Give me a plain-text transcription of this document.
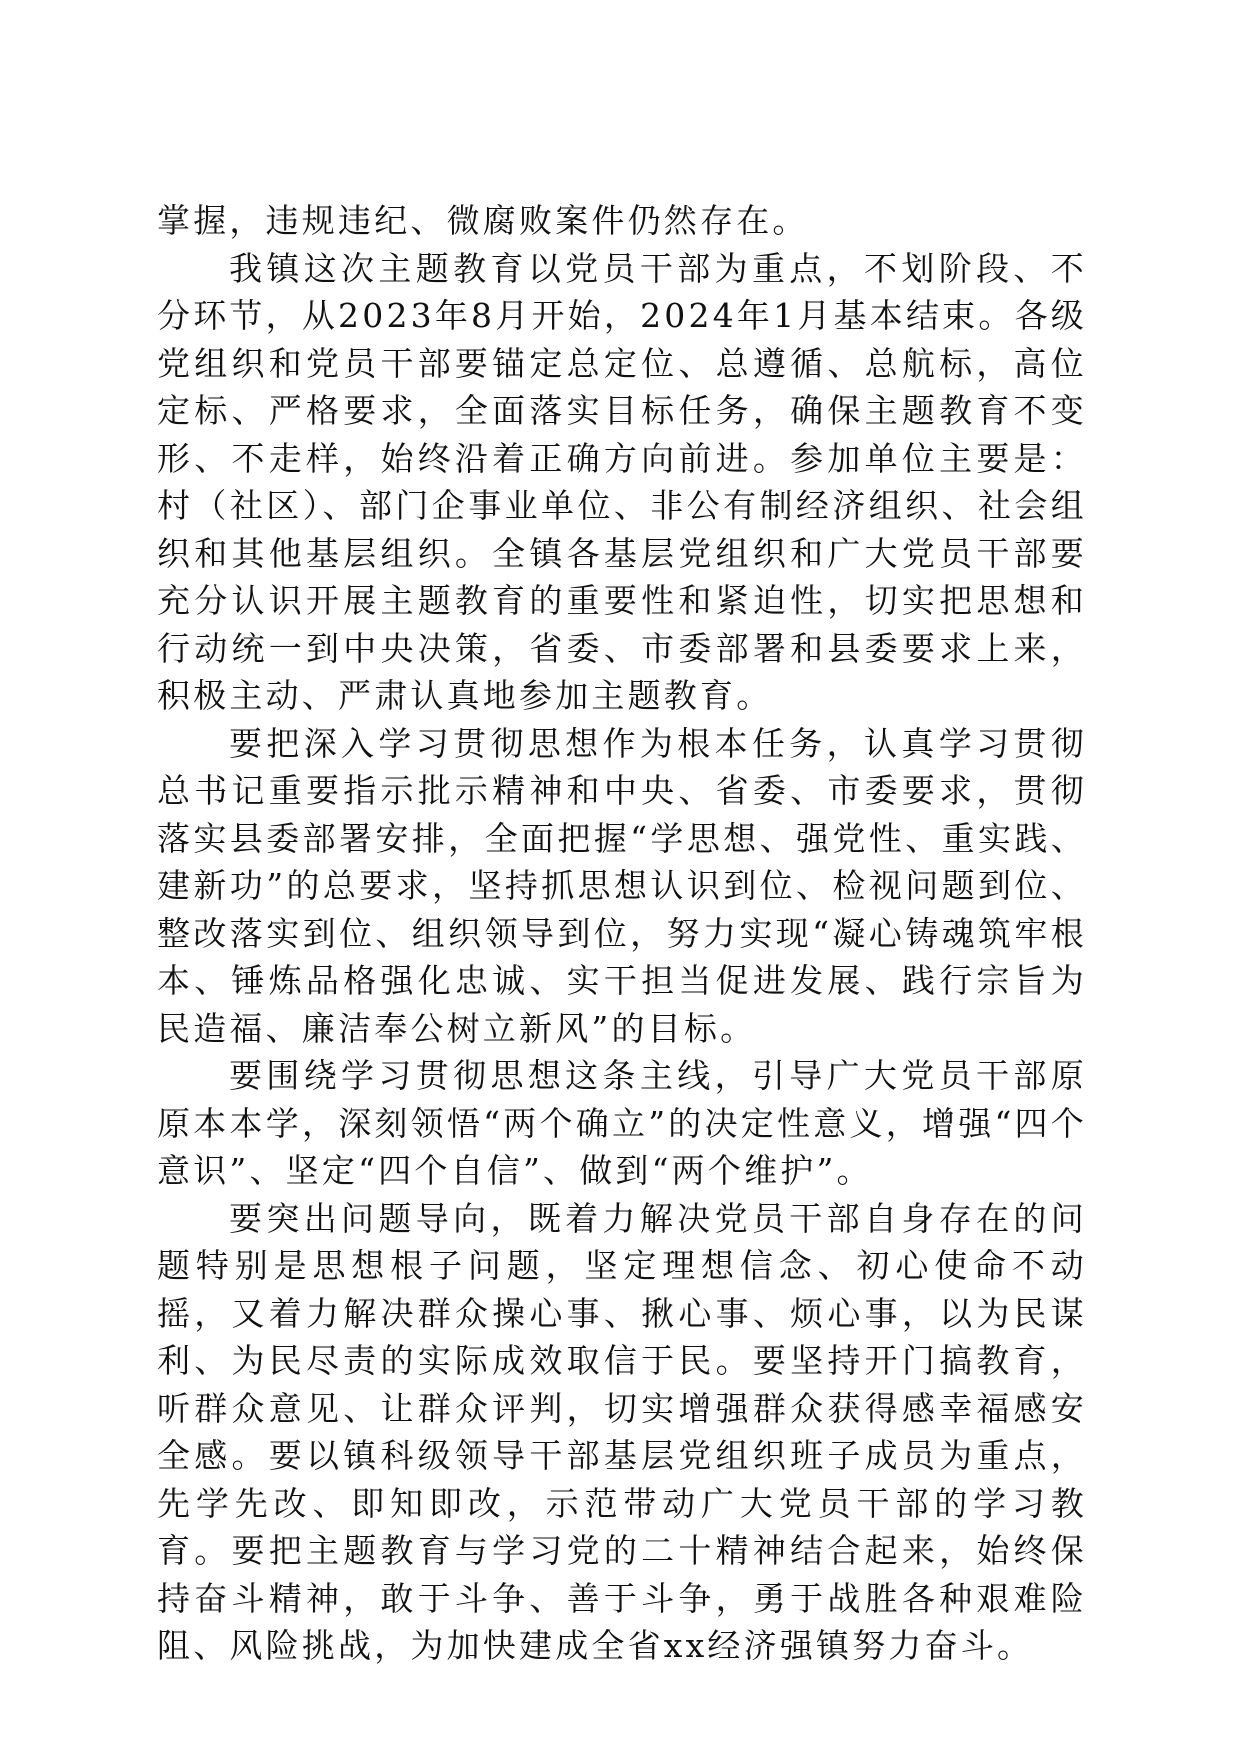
掌握，违规违纪、微腐败案件仍然存在。

我镇这次主题教育以党员干部为重点，不划阶段、不分环节，从2023年8月开始，2024年1月基本结束。各级党组织和党员干部要锚定总定位、总遵循、总航标，高位定标、严格要求，全面落实目标任务，确保主题教育不变形、不走样，始终沿着正确方向前进。参加单位主要是：村（社区）、部门企事业单位、非公有制经济组织、社会组织和其他基层组织。全镇各基层党组织和广大党员干部要充分认识开展主题教育的重要性和紧迫性，切实把思想和行动统一到中央决策，省委、市委部署和县委要求上来，积极主动、严肃认真地参加主题教育。

要把深入学习贯彻思想作为根本任务，认真学习贯彻总书记重要指示批示精神和中央、省委、市委要求，贯彻落实县委部署安排，全面把握“学思想、强党性、重实践、建新功”的总要求，坚持抓思想认识到位、检视问题到位、整改落实到位、组织领导到位，努力实现“凝心铸魂筑牢根本、锤炼品格强化忠诚、实干担当促进发展、践行宗旨为民造福、廉洁奉公树立新风”的目标。

要围绕学习贯彻思想这条主线，引导广大党员干部原原本本学，深刻领悟“两个确立”的决定性意义，增强“四个意识”、坚定“四个自信”、做到“两个维护”。

要突出问题导向，既着力解决党员干部自身存在的问题特别是思想根子问题，坚定理想信念、初心使命不动摇，又着力解决群众操心事、揪心事、烦心事，以为民谋利、为民尽责的实际成效取信于民。要坚持开门搞教育，听群众意见、让群众评判，切实增强群众获得感幸福感安全感。要以镇科级领导干部基层党组织班子成员为重点，先学先改、即知即改，示范带动广大党员干部的学习教育。要把主题教育与学习党的二十精神结合起来，始终保持奋斗精神，敢于斗争、善于斗争，勇于战胜各种艰难险阻、风险挑战，为加快建成全省xx经济强镇努力奋斗。
